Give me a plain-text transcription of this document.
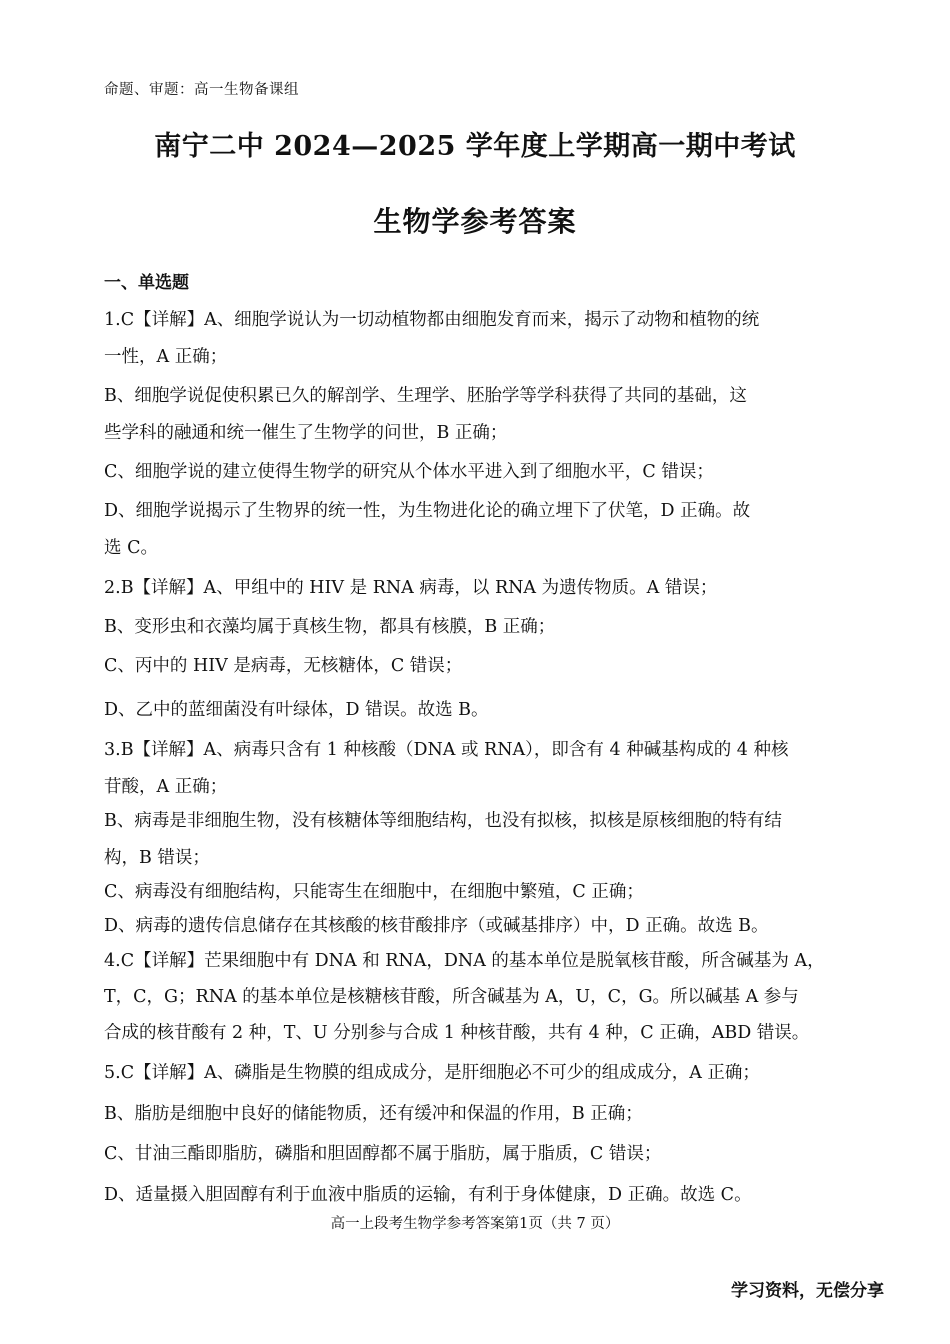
命题、审题：高一生物备课组
南宁二中 2024—2025 学年度上学期高一期中考试
生物学参考答案
一、单选题
1.C【详解】A、细胞学说认为一切动植物都由细胞发育而来，揭示了动物和植物的统
一性，A 正确；
B、细胞学说促使积累已久的解剖学、生理学、胚胎学等学科获得了共同的基础，这
些学科的融通和统一催生了生物学的问世，B 正确；
C、细胞学说的建立使得生物学的研究从个体水平进入到了细胞水平，C 错误；
D、细胞学说揭示了生物界的统一性，为生物进化论的确立埋下了伏笔，D 正确。故
选 C。
2.B【详解】A、甲组中的 HIV 是 RNA 病毒，以 RNA 为遗传物质。A 错误；
B、变形虫和衣藻均属于真核生物，都具有核膜，B 正确；
C、丙中的 HIV 是病毒，无核糖体，C 错误；
D、乙中的蓝细菌没有叶绿体，D 错误。故选 B。
3.B【详解】A、病毒只含有 1 种核酸（DNA 或 RNA），即含有 4 种碱基构成的 4 种核
苷酸，A 正确；
B、病毒是非细胞生物，没有核糖体等细胞结构，也没有拟核，拟核是原核细胞的特有结
构，B 错误；
C、病毒没有细胞结构，只能寄生在细胞中，在细胞中繁殖，C 正确；
D、病毒的遗传信息储存在其核酸的核苷酸排序（或碱基排序）中，D 正确。故选 B。
4.C【详解】芒果细胞中有 DNA 和 RNA，DNA 的基本单位是脱氧核苷酸，所含碱基为 A，
T，C，G；RNA 的基本单位是核糖核苷酸，所含碱基为 A，U，C，G。所以碱基 A 参与
合成的核苷酸有 2 种，T、U 分别参与合成 1 种核苷酸，共有 4 种，C 正确，ABD 错误。
5.C【详解】A、磷脂是生物膜的组成成分，是肝细胞必不可少的组成成分，A 正确；
B、脂肪是细胞中良好的储能物质，还有缓冲和保温的作用，B 正确；
C、甘油三酯即脂肪，磷脂和胆固醇都不属于脂肪，属于脂质，C 错误；
D、适量摄入胆固醇有利于血液中脂质的运输，有利于身体健康，D 正确。故选 C。
高一上段考生物学参考答案第1页（共 7 页）
学习资料，无偿分享
